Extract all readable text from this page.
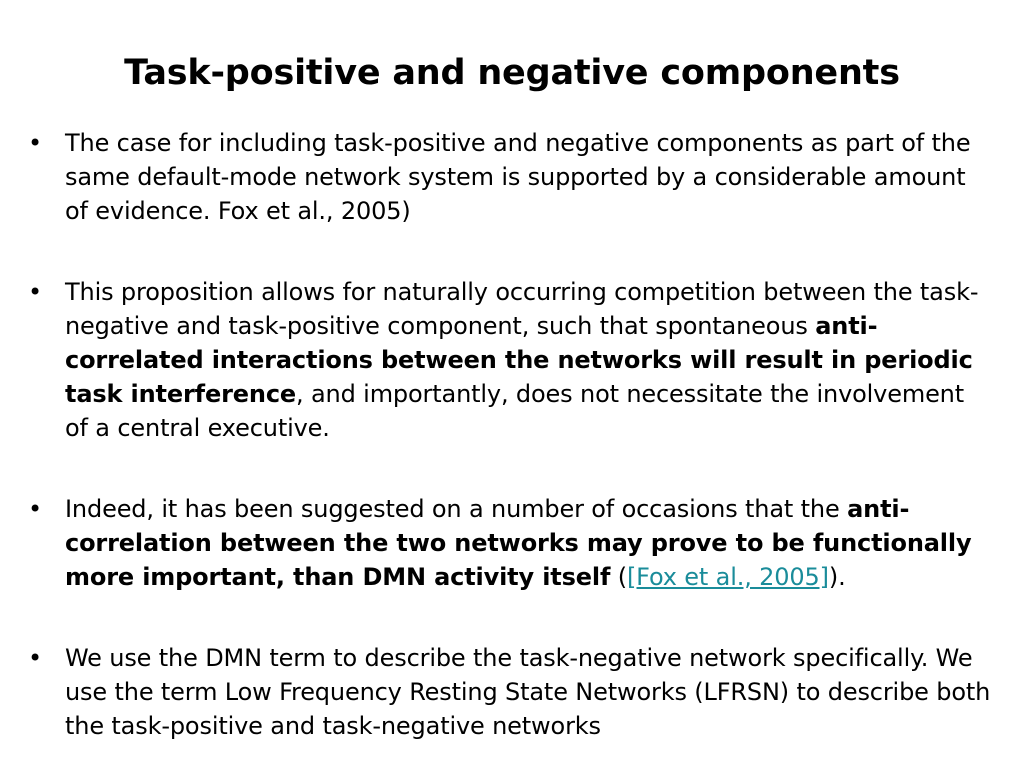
Task-positive and negative components
• The case for including task-positive and negative components as part of the same default-mode network system is supported by a considerable amount of evidence. Fox et al., 2005)
• This proposition allows for naturally occurring competition between the task-negative and task-positive component, such that spontaneous anti-correlated interactions between the networks will result in periodic task interference, and importantly, does not necessitate the involvement of a central executive.
• Indeed, it has been suggested on a number of occasions that the anti-correlation between the two networks may prove to be functionally more important, than DMN activity itself ([Fox et al., 2005]).
• We use the DMN term to describe the task-negative network specifically. We use the term Low Frequency Resting State Networks (LFRSN) to describe both the task-positive and task-negative networks
